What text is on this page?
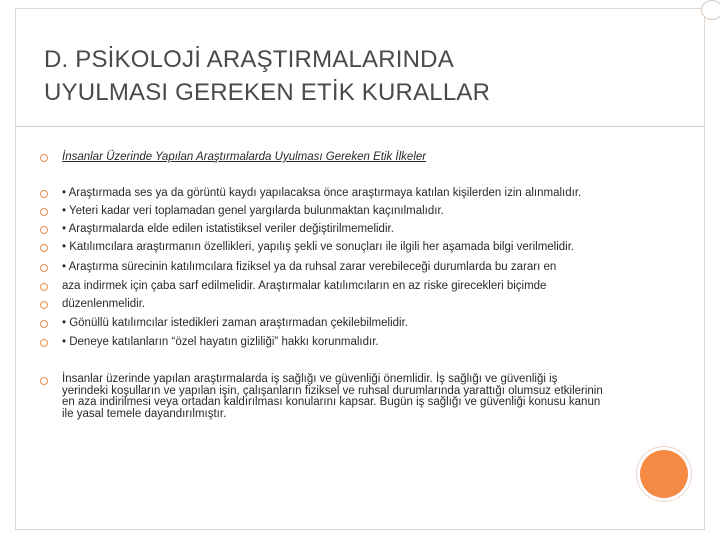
D. PSİKOLOJİ ARAŞTIRMALARINDA
UYULMASI GEREKEN ETİK KURALLAR
İnsanlar Üzerinde Yapılan Araştırmalarda Uyulması Gereken Etik İlkeler
• Araştırmada ses ya da görüntü kaydı yapılacaksa önce araştırmaya katılan kişilerden izin alınmalıdır.
• Yeteri kadar veri toplamadan genel yargılarda bulunmaktan kaçınılmalıdır.
• Araştırmalarda elde edilen istatistiksel veriler değiştirilmemelidir.
• Katılımcılara araştırmanın özellikleri, yapılış şekli ve sonuçları ile ilgili her aşamada bilgi verilmelidir.
• Araştırma sürecinin katılımcılara fiziksel ya da ruhsal zarar verebileceği durumlarda bu zararı en
aza indirmek için çaba sarf edilmelidir. Araştırmalar katılımcıların en az riske girecekleri biçimde
düzenlenmelidir.
• Gönüllü katılımcılar istedikleri zaman araştırmadan çekilebilmelidir.
• Deneye katılanların “özel hayatın gizliliği” hakkı korunmalıdır.
İnsanlar üzerinde yapılan araştırmalarda iş sağlığı ve güvenliği önemlidir. İş sağlığı ve güvenliği iş
yerindeki koşulların ve yapılan işin, çalışanların fiziksel ve ruhsal durumlarında yarattığı olumsuz etkilerinin
en aza indirilmesi veya ortadan kaldırılması konularını kapsar. Bugün iş sağlığı ve güvenliği konusu kanun
ile yasal temele dayandırılmıştır.
